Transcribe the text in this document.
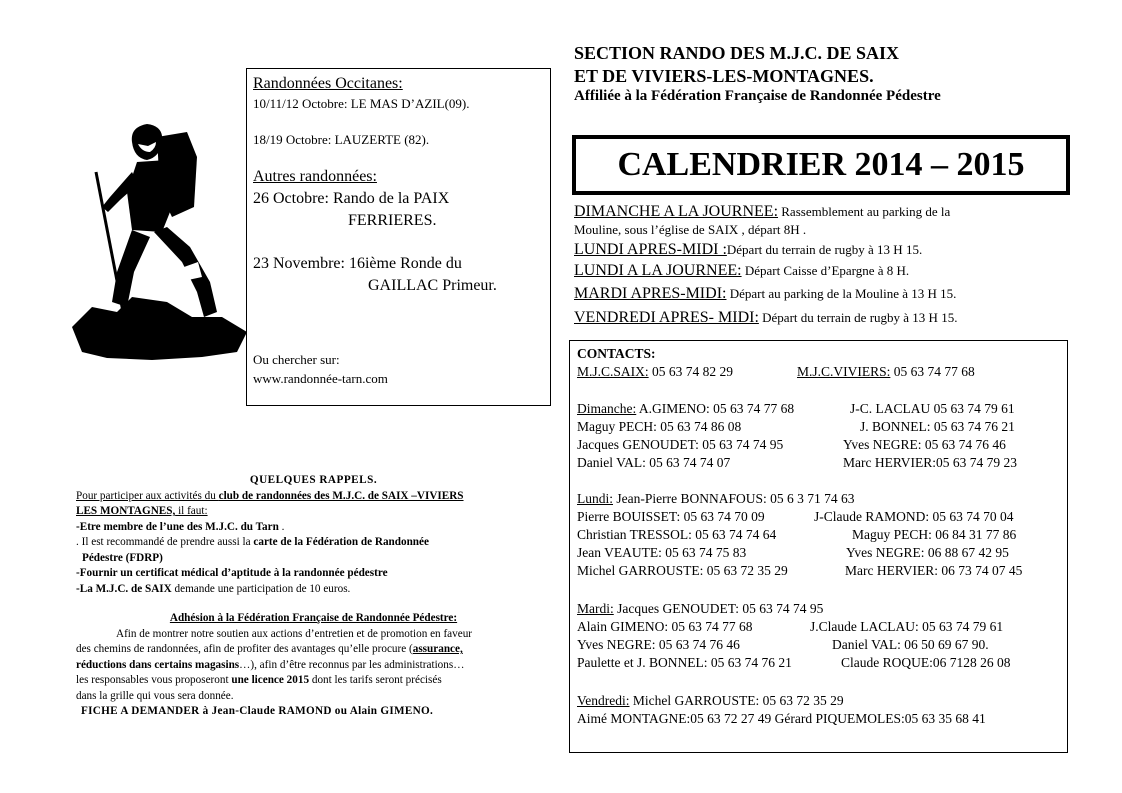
Randonnées Occitanes:
10/11/12 Octobre: LE MAS D’AZIL(09).
18/19 Octobre: LAUZERTE (82).
Autres randonnées:
26 Octobre: Rando de la PAIX
FERRIERES.
23 Novembre: 16ième Ronde du
GAILLAC Primeur.
Ou chercher sur:
www.randonnée-tarn.com
QUELQUES RAPPELS.
Pour participer aux activités du club de randonnées des M.J.C. de SAIX –VIVIERS
LES MONTAGNES, il faut:
-Etre membre de l’une des M.J.C. du Tarn .
. Il est recommandé de prendre aussi la carte de la Fédération de Randonnée
Pédestre (FDRP)
-Fournir un certificat médical d’aptitude à la randonnée pédestre
-La M.J.C. de SAIX demande une participation de 10 euros.
Adhésion à la Fédération Française de Randonnée Pédestre:
Afin de montrer notre soutien aux actions d’entretien et de promotion en faveur
des chemins de randonnées, afin de profiter des avantages qu’elle procure (assurance,
réductions dans certains magasins…), afin d’être reconnus par les administrations…
les responsables vous proposeront une licence 2015 dont les tarifs seront précisés
dans la grille qui vous sera donnée.
FICHE A DEMANDER à Jean-Claude RAMOND ou Alain GIMENO.
SECTION RANDO DES M.J.C. DE SAIX
ET DE VIVIERS-LES-MONTAGNES.
Affiliée à la Fédération Française de Randonnée Pédestre
CALENDRIER 2014 – 2015
DIMANCHE A LA JOURNEE: Rassemblement au parking de la
Mouline, sous l’église de SAIX , départ 8H .
LUNDI APRES-MIDI :Départ du terrain de rugby à 13 H 15.
LUNDI A LA JOURNEE: Départ Caisse d’Epargne à 8 H.
MARDI APRES-MIDI: Départ au parking de la Mouline à 13 H 15.
VENDREDI APRES- MIDI: Départ du terrain de rugby à 13 H 15.
CONTACTS:
M.J.C.SAIX: 05 63 74 82 29	M.J.C.VIVIERS: 05 63 74 77 68
Dimanche: A.GIMENO: 05 63 74 77 68	J-C. LACLAU 05 63 74 79 61
Maguy PECH: 05 63 74 86 08	J. BONNEL: 05 63 74 76 21
Jacques GENOUDET: 05 63 74 74 95	Yves NEGRE: 05 63 74 76 46
Daniel VAL: 05 63 74 74 07	Marc HERVIER:05 63 74 79 23
Lundi: Jean-Pierre BONNAFOUS: 05 6 3 71 74 63
Pierre BOUISSET: 05 63 74 70 09	J-Claude RAMOND: 05 63 74 70 04
Christian TRESSOL: 05 63 74 74 64	Maguy PECH: 06 84 31 77 86
Jean VEAUTE: 05 63 74 75 83	Yves NEGRE: 06 88 67 42 95
Michel GARROUSTE: 05 63 72 35 29	Marc HERVIER: 06 73 74 07 45
Mardi: Jacques GENOUDET: 05 63 74 74 95
Alain GIMENO: 05 63 74 77 68	J.Claude LACLAU: 05 63 74 79 61
Yves NEGRE: 05 63 74 76 46	Daniel VAL: 06 50 69 67 90.
Paulette et J. BONNEL: 05 63 74 76 21	Claude ROQUE:06 7128 26 08
Vendredi: Michel GARROUSTE: 05 63 72 35 29
Aimé MONTAGNE:05 63 72 27 49 Gérard PIQUEMOLES:05 63 35 68 41
